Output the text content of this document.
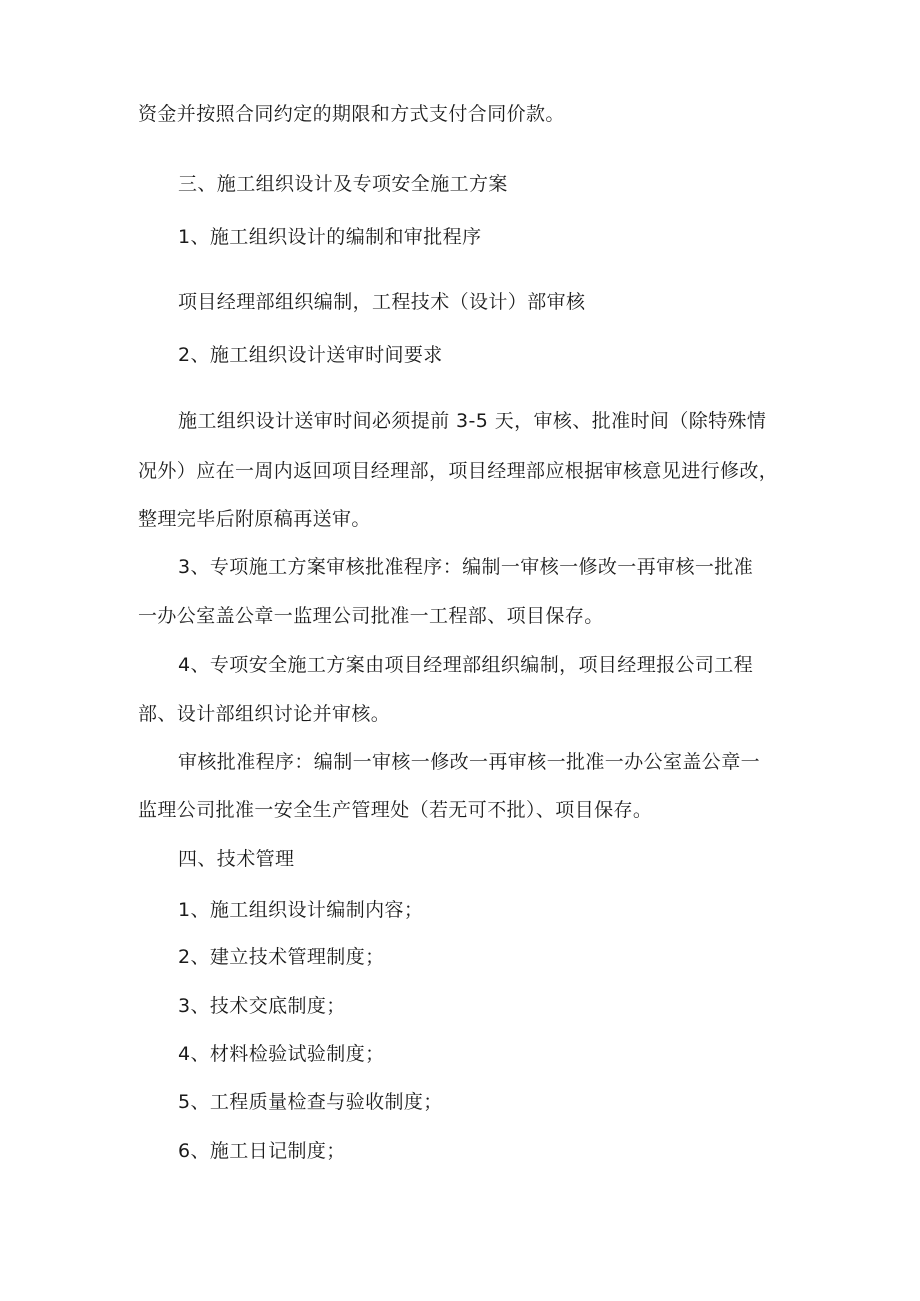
资金并按照合同约定的期限和方式支付合同价款。

三、施工组织设计及专项安全施工方案

1、施工组织设计的编制和审批程序

项目经理部组织编制，工程技术（设计）部审核

2、施工组织设计送审时间要求

施工组织设计送审时间必须提前 3-5 天，审核、批准时间（除特殊情

况外）应在一周内返回项目经理部，项目经理部应根据审核意见进行修改，

整理完毕后附原稿再送审。

3、专项施工方案审核批准程序：编制一审核一修改一再审核一批准

一办公室盖公章一监理公司批准一工程部、项目保存。

4、专项安全施工方案由项目经理部组织编制，项目经理报公司工程

部、设计部组织讨论并审核。

审核批准程序：编制一审核一修改一再审核一批准一办公室盖公章一

监理公司批准一安全生产管理处（若无可不批）、项目保存。

四、技术管理

1、施工组织设计编制内容；

2、建立技术管理制度；

3、技术交底制度；

4、材料检验试验制度；

5、工程质量检查与验收制度；

6、施工日记制度；
